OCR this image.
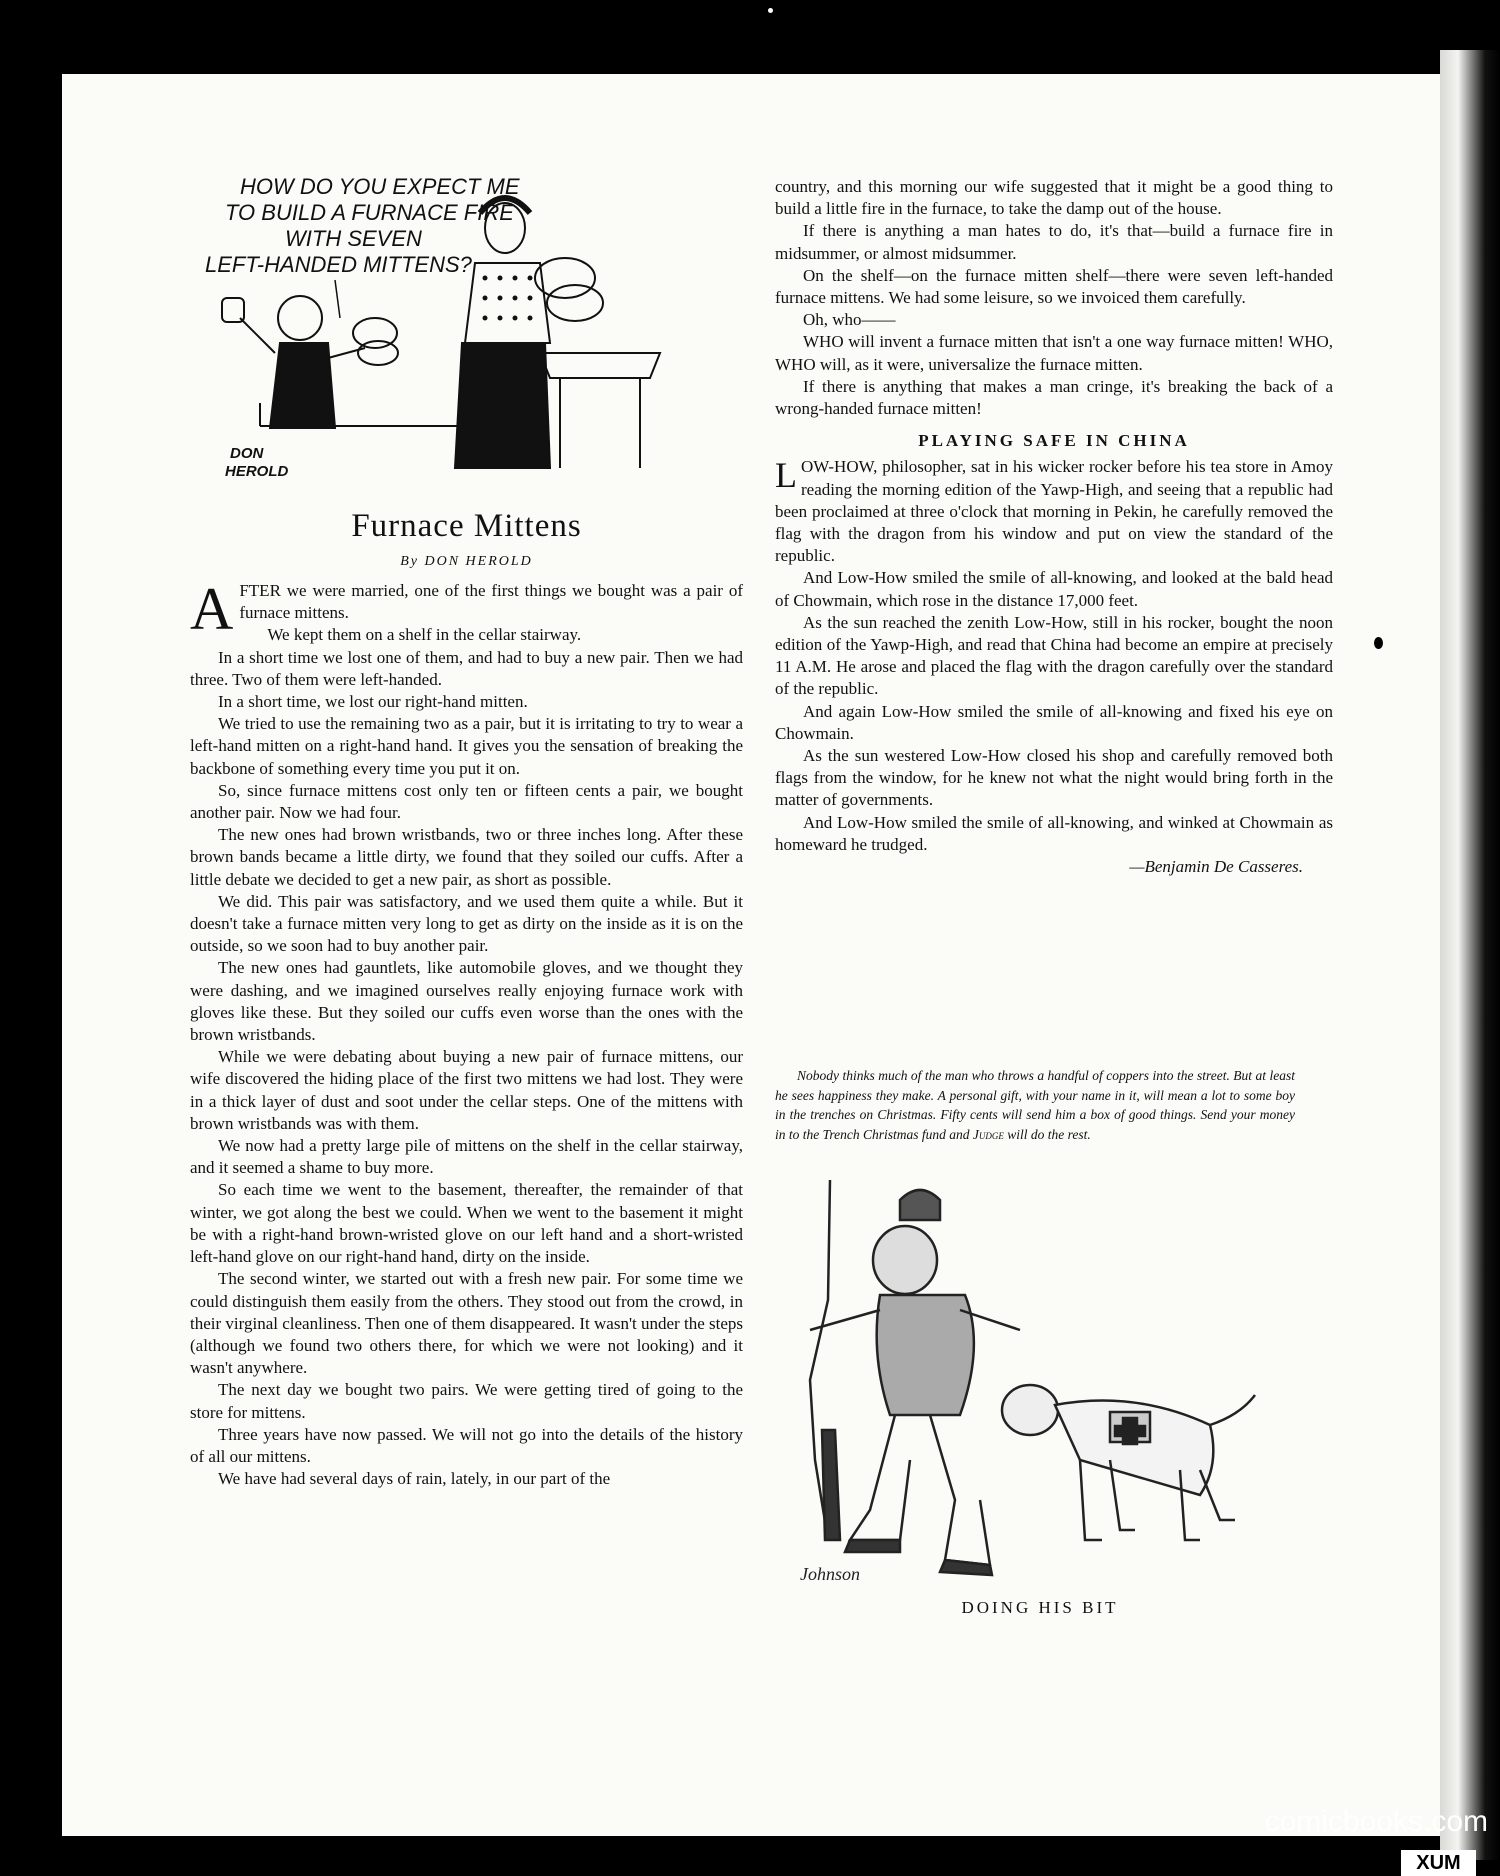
HOW DO YOU EXPECT ME
TO BUILD A FURNACE FIRE
WITH SEVEN
LEFT-HANDED MITTENS?
DON
HEROLD
Furnace Mittens
By DON HEROLD

AFTER we were married, one of the first things we bought was a pair of furnace mittens.

We kept them on a shelf in the cellar stairway.

In a short time we lost one of them, and had to buy a new pair. Then we had three. Two of them were left-handed.

In a short time, we lost our right-hand mitten.

We tried to use the remaining two as a pair, but it is irritating to try to wear a left-hand mitten on a right-hand hand. It gives you the sensation of breaking the backbone of something every time you put it on.

So, since furnace mittens cost only ten or fifteen cents a pair, we bought another pair. Now we had four.

The new ones had brown wristbands, two or three inches long. After these brown bands became a little dirty, we found that they soiled our cuffs. After a little debate we decided to get a new pair, as short as possible.

We did. This pair was satisfactory, and we used them quite a while. But it doesn't take a furnace mitten very long to get as dirty on the inside as it is on the outside, so we soon had to buy another pair.

The new ones had gauntlets, like automobile gloves, and we thought they were dashing, and we imagined ourselves really enjoying furnace work with gloves like these. But they soiled our cuffs even worse than the ones with the brown wristbands.

While we were debating about buying a new pair of furnace mittens, our wife discovered the hiding place of the first two mittens we had lost. They were in a thick layer of dust and soot under the cellar steps. One of the mittens with brown wristbands was with them.

We now had a pretty large pile of mittens on the shelf in the cellar stairway, and it seemed a shame to buy more.

So each time we went to the basement, thereafter, the remainder of that winter, we got along the best we could. When we went to the basement it might be with a right-hand brown-wristed glove on our left hand and a short-wristed left-hand glove on our right-hand hand, dirty on the inside.

The second winter, we started out with a fresh new pair. For some time we could distinguish them easily from the others. They stood out from the crowd, in their virginal cleanliness. Then one of them disappeared. It wasn't under the steps (although we found two others there, for which we were not looking) and it wasn't anywhere.

The next day we bought two pairs. We were getting tired of going to the store for mittens.

Three years have now passed. We will not go into the details of the history of all our mittens.

We have had several days of rain, lately, in our part of the

country, and this morning our wife suggested that it might be a good thing to build a little fire in the furnace, to take the damp out of the house.

If there is anything a man hates to do, it's that—build a furnace fire in midsummer, or almost midsummer.

On the shelf—on the furnace mitten shelf—there were seven left-handed furnace mittens. We had some leisure, so we invoiced them carefully.

Oh, who——

WHO will invent a furnace mitten that isn't a one way furnace mitten! WHO, WHO will, as it were, universalize the furnace mitten.

If there is anything that makes a man cringe, it's breaking the back of a wrong-handed furnace mitten!

PLAYING SAFE IN CHINA

LOW-HOW, philosopher, sat in his wicker rocker before his tea store in Amoy reading the morning edition of the Yawp-High, and seeing that a republic had been proclaimed at three o'clock that morning in Pekin, he carefully removed the flag with the dragon from his window and put on view the standard of the republic.

And Low-How smiled the smile of all-knowing, and looked at the bald head of Chowmain, which rose in the distance 17,000 feet.

As the sun reached the zenith Low-How, still in his rocker, bought the noon edition of the Yawp-High, and read that China had become an empire at precisely 11 A.M. He arose and placed the flag with the dragon carefully over the standard of the republic.

And again Low-How smiled the smile of all-knowing and fixed his eye on Chowmain.

As the sun westered Low-How closed his shop and carefully removed both flags from the window, for he knew not what the night would bring forth in the matter of governments.

And Low-How smiled the smile of all-knowing, and winked at Chowmain as homeward he trudged.

—Benjamin De Casseres.

Nobody thinks much of the man who throws a handful of coppers into the street. But at least he sees happiness they make. A personal gift, with your name in it, will mean a lot to some boy in the trenches on Christmas. Fifty cents will send him a box of good things. Send your money in to the Trench Christmas fund and Judge will do the rest.
Johnson
DOING HIS BIT
comicbooks.com
XUM
